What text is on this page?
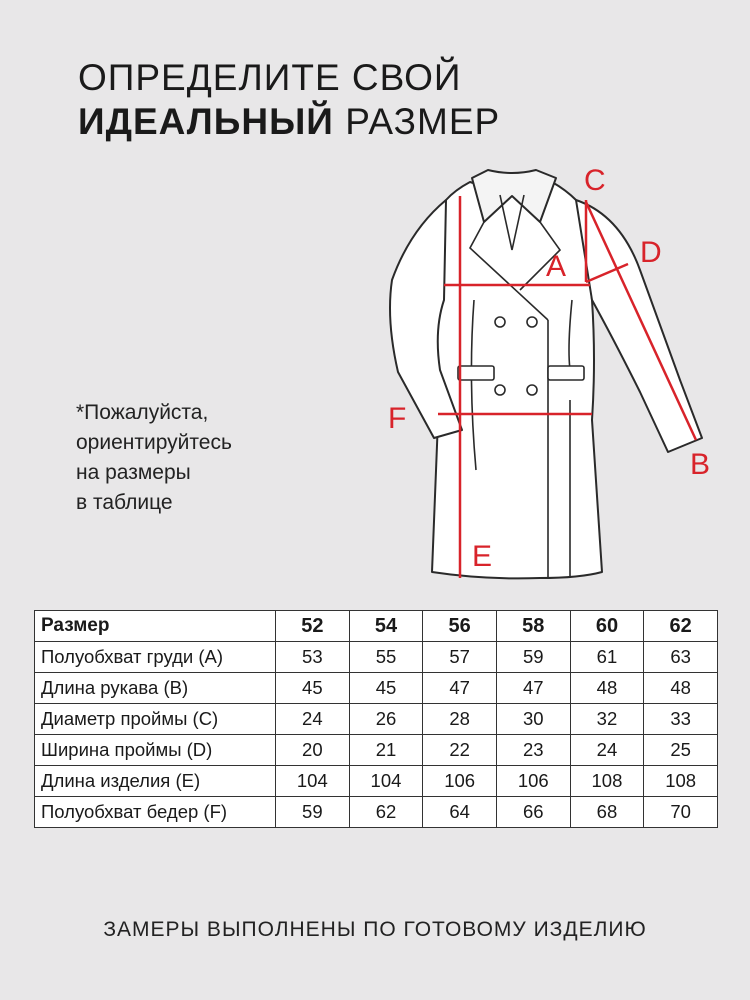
ОПРЕДЕЛИТЕ СВОЙ
ИДЕАЛЬНЫЙ РАЗМЕР

*Пожалуйста,
ориентируйтесь
на размеры
в таблице

A
B
C
D
E
F
Размер	52	54	56	58	60	62
Полуобхват груди (А)	53	55	57	59	61	63
Длина рукава (В)	45	45	47	47	48	48
Диаметр проймы (С)	24	26	28	30	32	33
Ширина проймы (D)	20	21	22	23	24	25
Длина изделия (Е)	104	104	106	106	108	108
Полуобхват бедер (F)	59	62	64	66	68	70

ЗАМЕРЫ ВЫПОЛНЕНЫ ПО ГОТОВОМУ ИЗДЕЛИЮ
